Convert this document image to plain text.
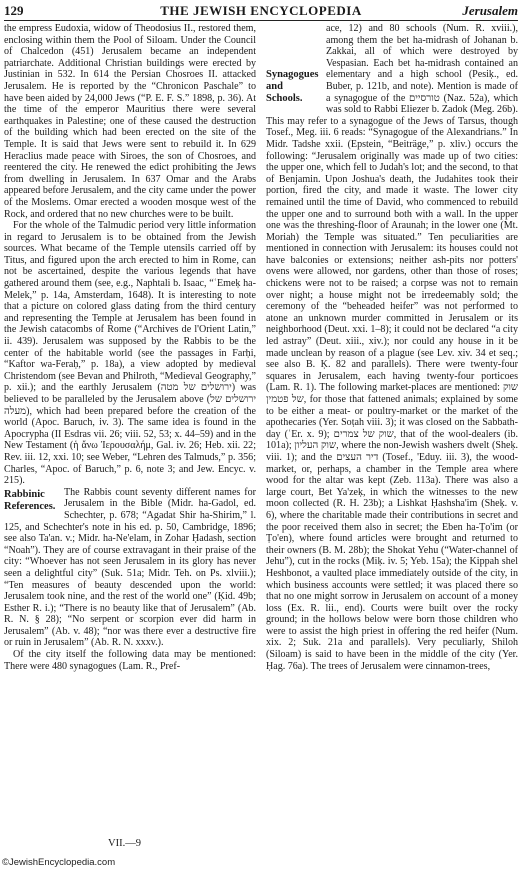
129	THE JEWISH ENCYCLOPEDIA	Jerusalem

the empress Eudoxia, widow of Theodosius II., restored them, enclosing within them the Pool of Siloam. Under the Council of Chalcedon (451) Jerusalem became an independent patriarchate. Additional Christian buildings were erected by Justinian in 532. In 614 the Persian Chosroes II. attacked Jerusalem. He is reported by the “Chronicon Paschale” to have been aided by 24,000 Jews (“P. E. F. S.” 1898, p. 36). At the time of the emperor Mauritius there were several earthquakes in Palestine; one of these caused the destruction of the building which had been erected on the site of the Temple. It is said that Jews were sent to rebuild it. In 629 Heraclius made peace with Siroes, the son of Chosroes, and reentered the city. He renewed the edict prohibiting the Jews from dwelling in Jerusalem. In 637 Omar and the Arabs appeared before Jerusalem, and the city came under the power of the Moslems. Omar erected a wooden mosque west of the Rock, and ordered that no new churches were to be built.

For the whole of the Talmudic period very little information in regard to Jerusalem is to be obtained from the Jewish sources. What became of the Temple utensils carried off by Titus, and figured upon the arch erected to him in Rome, can not be ascertained, despite the various legends that have gathered around them (see, e.g., Naphtali b. Isaac, “ʿEmeḳ ha-Melek,” p. 14a, Amsterdam, 1648). It is interesting to note that a picture on colored glass dating from the third century and representing the Temple at Jerusalem has been found in the Jewish catacombs of Rome (“Archives de l'Orient Latin,” ii. 439). Jerusalem was supposed by the Rabbis to be the center of the habitable world (see the passages in Farḥi, “Kaftor wa-Feraḥ,” p. 18a), a view adopted by medieval Christendom (see Bevan and Philroth, “Medieval Geography,” p. xii.); and the earthly Jerusalem (ירושלים של מטה) was believed to be paralleled by the Jerusalem above (ירושלים של מעלה), which had been prepared before the creation of the world (Apoc. Baruch, iv. 3). The same idea is found in the Apocrypha (II Esdras vii. 26; viii. 52, 53; x. 44–59) and in the New Testament (ἡ ἄνω Ἰερουσαλήμ, Gal. iv. 26; Heb. xii. 22; Rev. iii. 12, xxi. 10; see Weber, “Lehren des Talmuds,” p. 356; Charles, “Apoc. of Baruch,” p. 6, note 3; and Jew. Encyc. v. 215).

Rabbinic References.

The Rabbis count seventy different names for Jerusalem in the Bible (Midr. ha-Gadol, ed. Schechter, p. 678; “Agadat Shir ha-Shirim,” l. 125, and Schechter's note in his ed. p. 50, Cambridge, 1896; see also Ta'an. v.; Midr. ha-Ne'elam, in Zohar Ḥadash, section “Noah”). They are of course extravagant in their praise of the city: “Whoever has not seen Jerusalem in its glory has never seen a delightful city” (Suk. 51a; Midr. Teh. on Ps. xlviii.); “Ten measures of beauty descended upon the world: Jerusalem took nine, and the rest of the world one” (Ḳid. 49b; Esther R. i.); “There is no beauty like that of Jerusalem” (Ab. R. N. § 28); “No serpent or scorpion ever did harm in Jerusalem” (Ab. v. 48); “nor was there ever a destructive fire or ruin in Jerusalem” (Ab. R. N. xxxv.).

Of the city itself the following data may be mentioned: There were 480 synagogues (Lam. R., Pref-

VII.—9
Synagogues and Schools.

ace, 12) and 80 schools (Num. R. xviii.), among them the bet ha-midrash of Johanan b. Zakkai, all of which were destroyed by Vespasian. Each bet ha-midrash contained an elementary and a high school (Pesiḳ., ed. Buber, p. 121b, and note). Mention is made of a synagogue of the טורסיים (Naz. 52a), which was sold to Rabbi Eliezer b. Zadok (Meg. 26b). This may refer to a synagogue of the Jews of Tarsus, though Tosef., Meg. iii. 6 reads: “Synagogue of the Alexandrians.” In Midr. Tadshe xxii. (Epstein, “Beiträge,” p. xliv.) occurs the following: “Jerusalem originally was made up of two cities: the upper one, which fell to Judah's lot; and the second, to that of Benjamin. Upon Joshua's death, the Judahites took their portion, fired the city, and made it waste. The lower city remained until the time of David, who commenced to rebuild the upper one and to surround both with a wall. In the upper one was the threshing-floor of Araunah; in the lower one (Mt. Moriah) the Temple was situated.” Ten peculiarities are mentioned in connection with Jerusalem: its houses could not have balconies or extensions; neither ash-pits nor potters' ovens were allowed, nor gardens, other than those of roses; chickens were not to be raised; a corpse was not to remain over night; a house might not be irredeemably sold; the ceremony of the “beheaded heifer” was not performed to atone an unknown murder committed in Jerusalem or its neighborhood (Deut. xxi. 1–8); it could not be declared “a city led astray” (Deut. xiii., xiv.); nor could any house in it be made unclean by reason of a plague (see Lev. xiv. 34 et seq.; see also B. Ḳ. 82 and parallels). There were twenty-four squares in Jerusalem, each having twenty-four porticoes (Lam. R. 1). The following market-places are mentioned: שוק של פטמין, for those that fattened animals; explained by some to be either a meat- or poultry-market or the market of the apothecaries (Yer. Soṭah viii. 3); it was closed on the Sabbath-day (ʿEr. x. 9); שוק של צמרים, that of the wool-dealers (ib. 101a); שוק העליון, where the non-Jewish washers dwelt (Sheḳ. viii. 1); and the דיר העצים (Tosef., 'Eduy. iii. 3), the wood-market, or, perhaps, a chamber in the Temple area where wood for the altar was kept (Zeb. 113a). There was also a large court, Bet Ya'zeḳ, in which the witnesses to the new moon collected (R. H. 23b); a Lishkat Ḥashsha'im (Sheḳ. v. 6), where the charitable made their contributions in secret and the poor received them also in secret; the Eben ha-Ṭo'im (or Ṭo'en), where found articles were brought and returned to their owners (B. M. 28b); the Shokat Yehu (“Water-channel of Jehu”), cut in the rocks (Miḳ. iv. 5; Yeb. 15a); the Kippah shel Heshbonot, a vaulted place immediately outside of the city, in which business accounts were settled; it was placed there so that no one might sorrow in Jerusalem on account of a money loss (Ex. R. lii., end). Courts were built over the rocky ground; in the hollows below were born those children who were to assist the high priest in offering the red heifer (Num. xix. 2; Suk. 21a and parallels). Very peculiarly, Shiloh (Siloam) is said to have been in the middle of the city (Yer. Ḥag. 76a). The trees of Jerusalem were cinnamon-trees,

©JewishEncyclopedia.com
